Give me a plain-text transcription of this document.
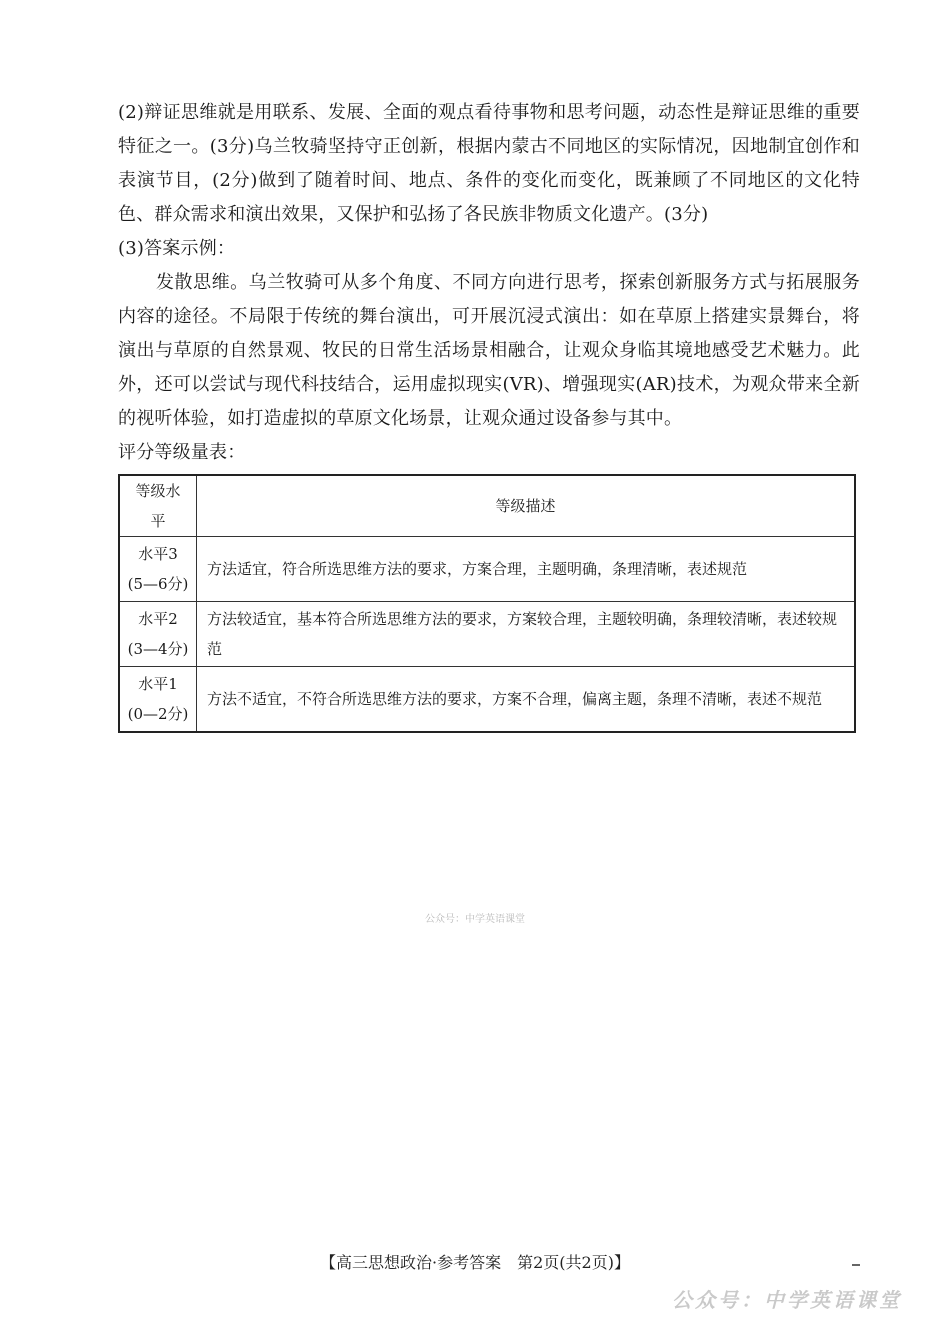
(2)辩证思维就是用联系、发展、全面的观点看待事物和思考问题，动态性是辩证思维的重要特征之一。(3分)乌兰牧骑坚持守正创新，根据内蒙古不同地区的实际情况，因地制宜创作和表演节目，(2分)做到了随着时间、地点、条件的变化而变化，既兼顾了不同地区的文化特色、群众需求和演出效果，又保护和弘扬了各民族非物质文化遗产。(3分)

(3)答案示例：

发散思维。乌兰牧骑可从多个角度、不同方向进行思考，探索创新服务方式与拓展服务内容的途径。不局限于传统的舞台演出，可开展沉浸式演出：如在草原上搭建实景舞台，将演出与草原的自然景观、牧民的日常生活场景相融合，让观众身临其境地感受艺术魅力。此外，还可以尝试与现代科技结合，运用虚拟现实(VR)、增强现实(AR)技术，为观众带来全新的视听体验，如打造虚拟的草原文化场景，让观众通过设备参与其中。

评分等级量表：

等级水平	等级描述

水平3
(5—6分)	方法适宜，符合所选思维方法的要求，方案合理，主题明确，条理清晰，表述规范

水平2
(3—4分)	方法较适宜，基本符合所选思维方法的要求，方案较合理，主题较明确，条理较清晰，表述较规范

水平1
(0—2分)	方法不适宜，不符合所选思维方法的要求，方案不合理，偏离主题，条理不清晰，表述不规范
公众号：中学英语课堂
【高三思想政治·参考答案　第2页(共2页)】
公众号：中学英语课堂
